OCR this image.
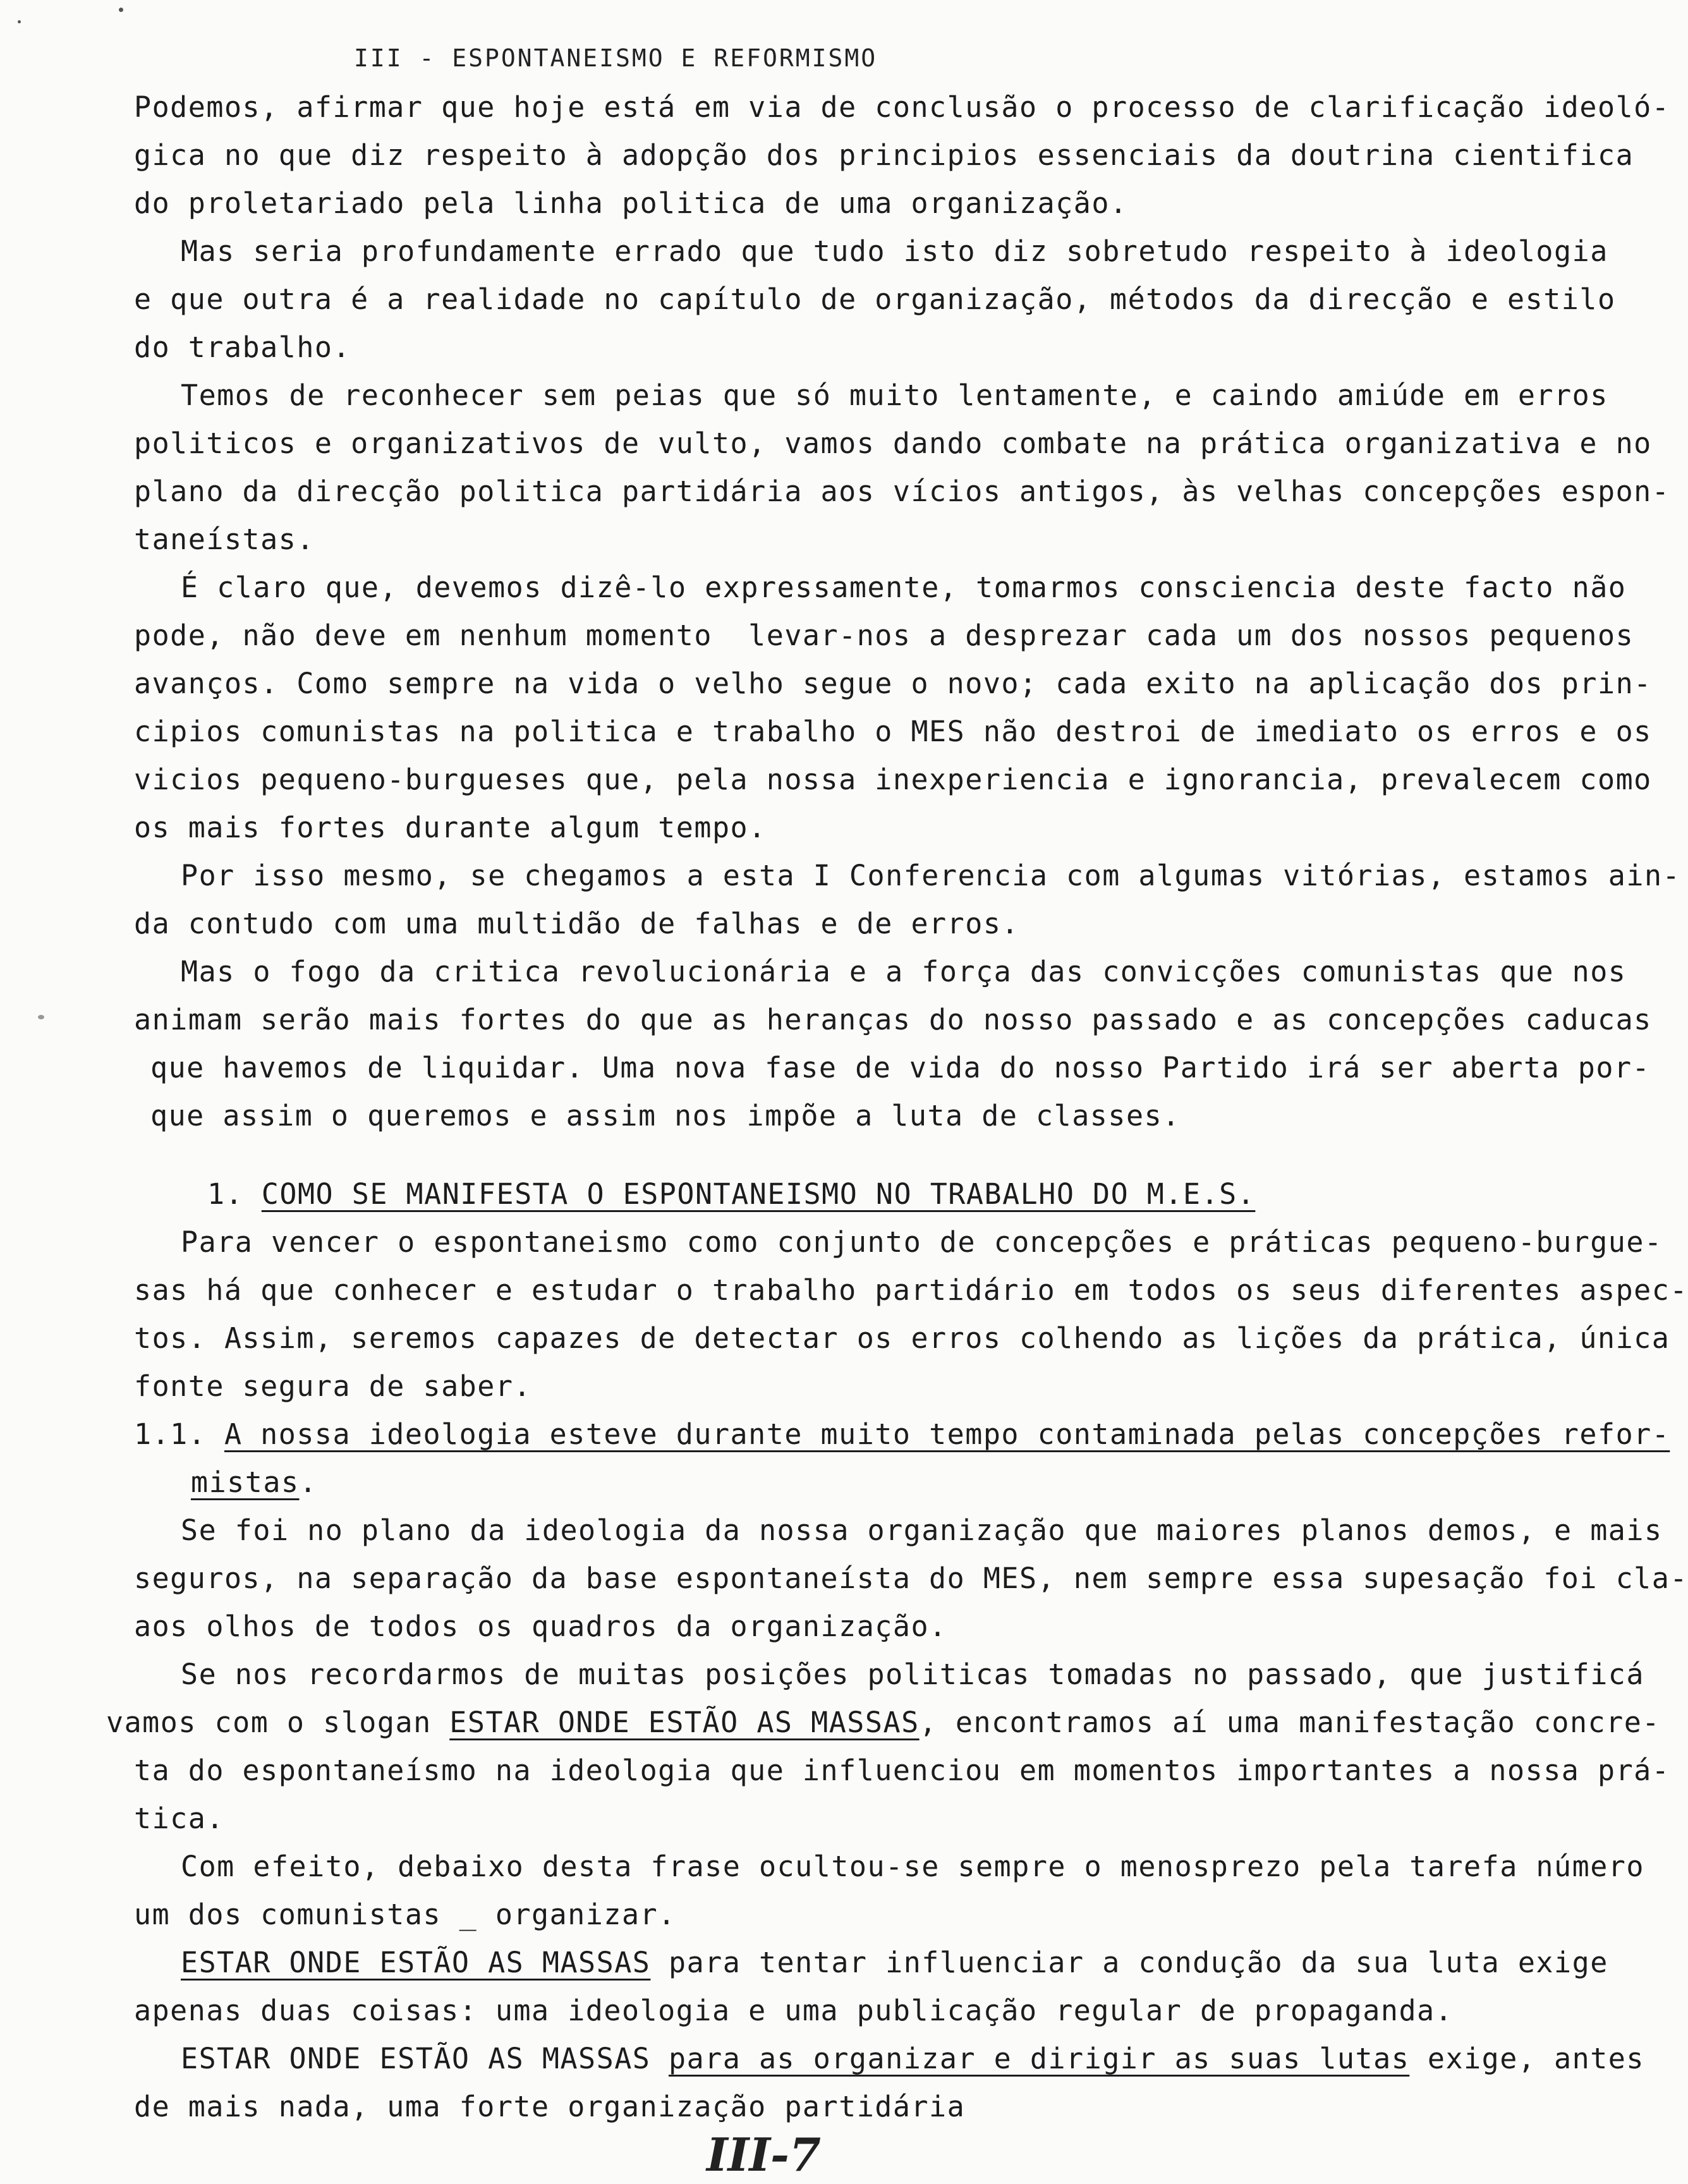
III - ESPONTANEISMO E REFORMISMO
Podemos, afirmar que hoje está em via de conclusão o processo de clarificação ideoló-
gica no que diz respeito à adopção dos principios essenciais da doutrina cientifica
do proletariado pela linha politica de uma organização.
Mas seria profundamente errado que tudo isto diz sobretudo respeito à ideologia
e que outra é a realidade no capítulo de organização, métodos da direcção e estilo
do trabalho.
Temos de reconhecer sem peias que só muito lentamente, e caindo amiúde em erros
politicos e organizativos de vulto, vamos dando combate na prática organizativa e no
plano da direcção politica partidária aos vícios antigos, às velhas concepções espon-
taneístas.
É claro que, devemos dizê-lo expressamente, tomarmos consciencia deste facto não
pode, não deve em nenhum momento  levar-nos a desprezar cada um dos nossos pequenos
avanços. Como sempre na vida o velho segue o novo; cada exito na aplicação dos prin-
cipios comunistas na politica e trabalho o MES não destroi de imediato os erros e os
vicios pequeno-burgueses que, pela nossa inexperiencia e ignorancia, prevalecem como
os mais fortes durante algum tempo.
Por isso mesmo, se chegamos a esta I Conferencia com algumas vitórias, estamos ain-
da contudo com uma multidão de falhas e de erros.
Mas o fogo da critica revolucionária e a força das convicções comunistas que nos
animam serão mais fortes do que as heranças do nosso passado e as concepções caducas
que havemos de liquidar. Uma nova fase de vida do nosso Partido irá ser aberta por-
que assim o queremos e assim nos impõe a luta de classes.
1. COMO SE MANIFESTA O ESPONTANEISMO NO TRABALHO DO M.E.S.
Para vencer o espontaneismo como conjunto de concepções e práticas pequeno-burgue-
sas há que conhecer e estudar o trabalho partidário em todos os seus diferentes aspec-
tos. Assim, seremos capazes de detectar os erros colhendo as lições da prática, única
fonte segura de saber.
1.1. A nossa ideologia esteve durante muito tempo contaminada pelas concepções refor-
mistas.
Se foi no plano da ideologia da nossa organização que maiores planos demos, e mais
seguros, na separação da base espontaneísta do MES, nem sempre essa supesação foi cla-
aos olhos de todos os quadros da organização.
Se nos recordarmos de muitas posições politicas tomadas no passado, que justificá
vamos com o slogan ESTAR ONDE ESTÃO AS MASSAS, encontramos aí uma manifestação concre-
ta do espontaneísmo na ideologia que influenciou em momentos importantes a nossa prá-
tica.
Com efeito, debaixo desta frase ocultou-se sempre o menosprezo pela tarefa número
um dos comunistas _ organizar.
ESTAR ONDE ESTÃO AS MASSAS para tentar influenciar a condução da sua luta exige
apenas duas coisas: uma ideologia e uma publicação regular de propaganda.
ESTAR ONDE ESTÃO AS MASSAS para as organizar e dirigir as suas lutas exige, antes
de mais nada, uma forte organização partidária
III-7
